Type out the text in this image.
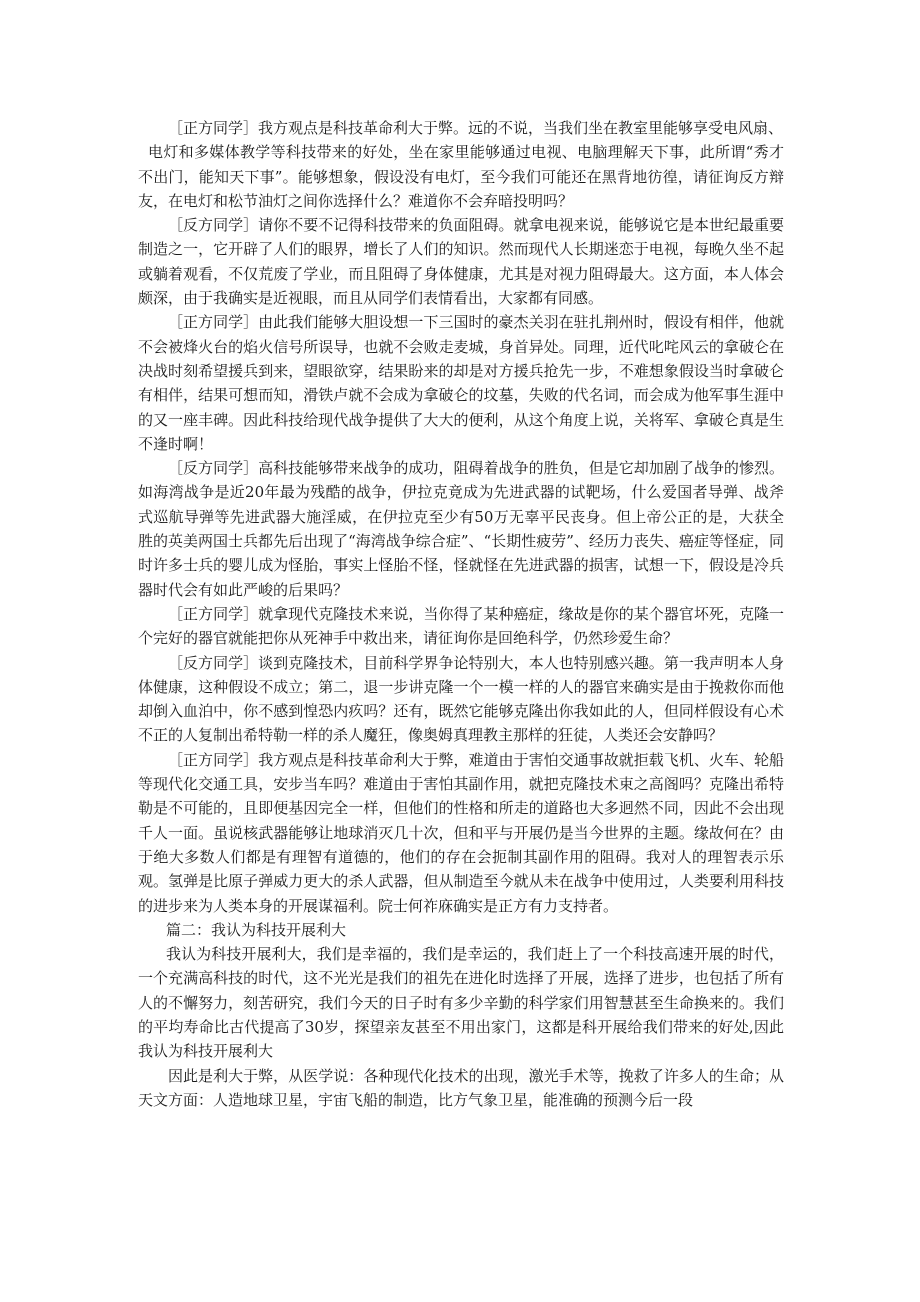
［正方同学］我方观点是科技革命利大于弊。远的不说，当我们坐在教室里能够享受电风扇、

电灯和多媒体教学等科技带来的好处，坐在家里能够通过电视、电脑理解天下事，此所谓“秀才不出门，能知天下事”。能够想象，假设没有电灯，至今我们可能还在黑背地彷徨，请征询反方辩友，在电灯和松节油灯之间你选择什么？难道你不会弃暗投明吗？

［反方同学］请你不要不记得科技带来的负面阻碍。就拿电视来说，能够说它是本世纪最重要制造之一，它开辟了人们的眼界，增长了人们的知识。然而现代人长期迷恋于电视，每晚久坐不起或躺着观看，不仅荒废了学业，而且阻碍了身体健康，尤其是对视力阻碍最大。这方面，本人体会颇深，由于我确实是近视眼，而且从同学们表情看出，大家都有同感。

［正方同学］由此我们能够大胆设想一下三国时的豪杰关羽在驻扎荆州时，假设有相伴，他就不会被烽火台的焰火信号所误导，也就不会败走麦城，身首异处。同理，近代叱咤风云的拿破仑在决战时刻希望援兵到来，望眼欲穿，结果盼来的却是对方援兵抢先一步，不难想象假设当时拿破仑有相伴，结果可想而知，滑铁卢就不会成为拿破仑的坟墓，失败的代名词，而会成为他军事生涯中的又一座丰碑。因此科技给现代战争提供了大大的便利，从这个角度上说，关将军、拿破仑真是生不逢时啊！

［反方同学］高科技能够带来战争的成功，阻碍着战争的胜负，但是它却加剧了战争的惨烈。如海湾战争是近20年最为残酷的战争，伊拉克竟成为先进武器的试靶场，什么爱国者导弹、战斧式巡航导弹等先进武器大施淫威，在伊拉克至少有50万无辜平民丧身。但上帝公正的是，大获全胜的英美两国士兵都先后出现了“海湾战争综合症”、“长期性疲劳”、经历力丧失、癌症等怪症，同时许多士兵的婴儿成为怪胎，事实上怪胎不怪，怪就怪在先进武器的损害，试想一下，假设是冷兵器时代会有如此严峻的后果吗？

［正方同学］就拿现代克隆技术来说，当你得了某种癌症，缘故是你的某个器官坏死，克隆一个完好的器官就能把你从死神手中救出来，请征询你是回绝科学，仍然珍爱生命？

［反方同学］谈到克隆技术，目前科学界争论特别大，本人也特别感兴趣。第一我声明本人身体健康，这种假设不成立；第二，退一步讲克隆一个一模一样的人的器官来确实是由于挽救你而他却倒入血泊中，你不感到惶恐内疚吗？还有，既然它能够克隆出你我如此的人，但同样假设有心术不正的人复制出希特勒一样的杀人魔狂，像奥姆真理教主那样的狂徒，人类还会安静吗？

［正方同学］我方观点是科技革命利大于弊，难道由于害怕交通事故就拒载飞机、火车、轮船等现代化交通工具，安步当车吗？难道由于害怕其副作用，就把克隆技术束之高阁吗？克隆出希特勒是不可能的，且即便基因完全一样，但他们的性格和所走的道路也大多迥然不同，因此不会出现千人一面。虽说核武器能够让地球消灭几十次，但和平与开展仍是当今世界的主题。缘故何在？由于绝大多数人们都是有理智有道德的，他们的存在会扼制其副作用的阻碍。我对人的理智表示乐观。氢弹是比原子弹威力更大的杀人武器，但从制造至今就从未在战争中使用过，人类要利用科技的进步来为人类本身的开展谋福利。院士何祚庥确实是正方有力支持者。

篇二：我认为科技开展利大

我认为科技开展利大，我们是幸福的，我们是幸运的，我们赶上了一个科技高速开展的时代，一个充满高科技的时代，这不光光是我们的祖先在进化时选择了开展，选择了进步，也包括了所有人的不懈努力，刻苦研究，我们今天的日子时有多少辛勤的科学家们用智慧甚至生命换来的。我们的平均寿命比古代提高了30岁，探望亲友甚至不用出家门，这都是科开展给我们带来的好处,因此我认为科技开展利大

因此是利大于弊，从医学说：各种现代化技术的出现，激光手术等，挽救了许多人的生命；从天文方面：人造地球卫星，宇宙飞船的制造，比方气象卫星，能准确的预测今后一段
